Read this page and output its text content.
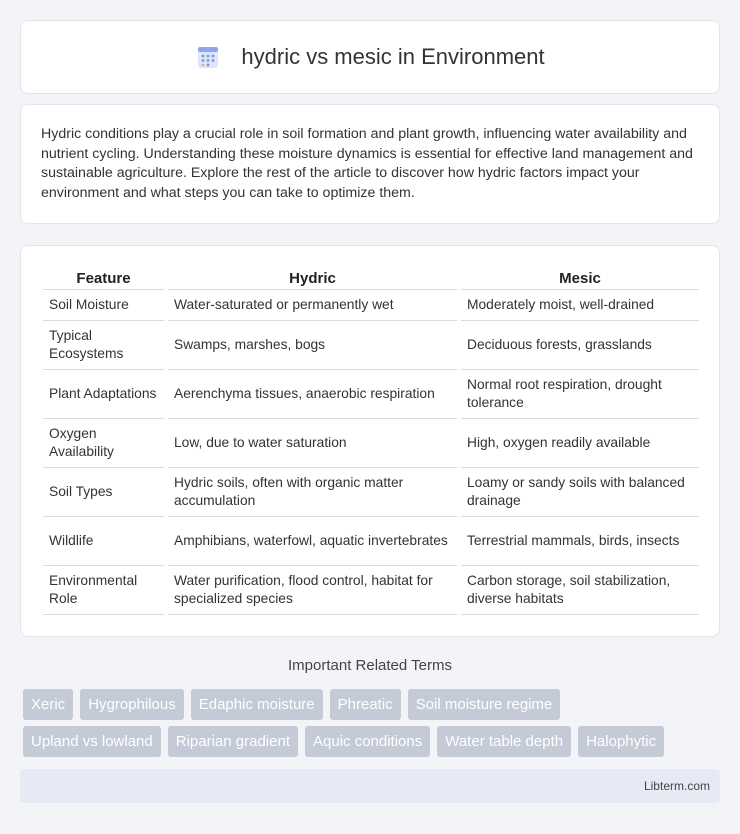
hydric vs mesic in Environment

Hydric conditions play a crucial role in soil formation and plant growth, influencing water availability and nutrient cycling. Understanding these moisture dynamics is essential for effective land management and sustainable agriculture. Explore the rest of the article to discover how hydric factors impact your environment and what steps you can take to optimize them.

Feature	Hydric	Mesic
Soil Moisture	Water-saturated or permanently wet	Moderately moist, well-drained
Typical Ecosystems	Swamps, marshes, bogs	Deciduous forests, grasslands
Plant Adaptations	Aerenchyma tissues, anaerobic respiration	Normal root respiration, drought tolerance
Oxygen Availability	Low, due to water saturation	High, oxygen readily available
Soil Types	Hydric soils, often with organic matter accumulation	Loamy or sandy soils with balanced drainage
Wildlife	Amphibians, waterfowl, aquatic invertebrates	Terrestrial mammals, birds, insects
Environmental Role	Water purification, flood control, habitat for specialized species	Carbon storage, soil stabilization, diverse habitats
Important Related Terms
Xeric	Hygrophilous	Edaphic moisture	Phreatic	Soil moisture regime
Upland vs lowland	Riparian gradient	Aquic conditions	Water table depth	Halophytic
Libterm.com
